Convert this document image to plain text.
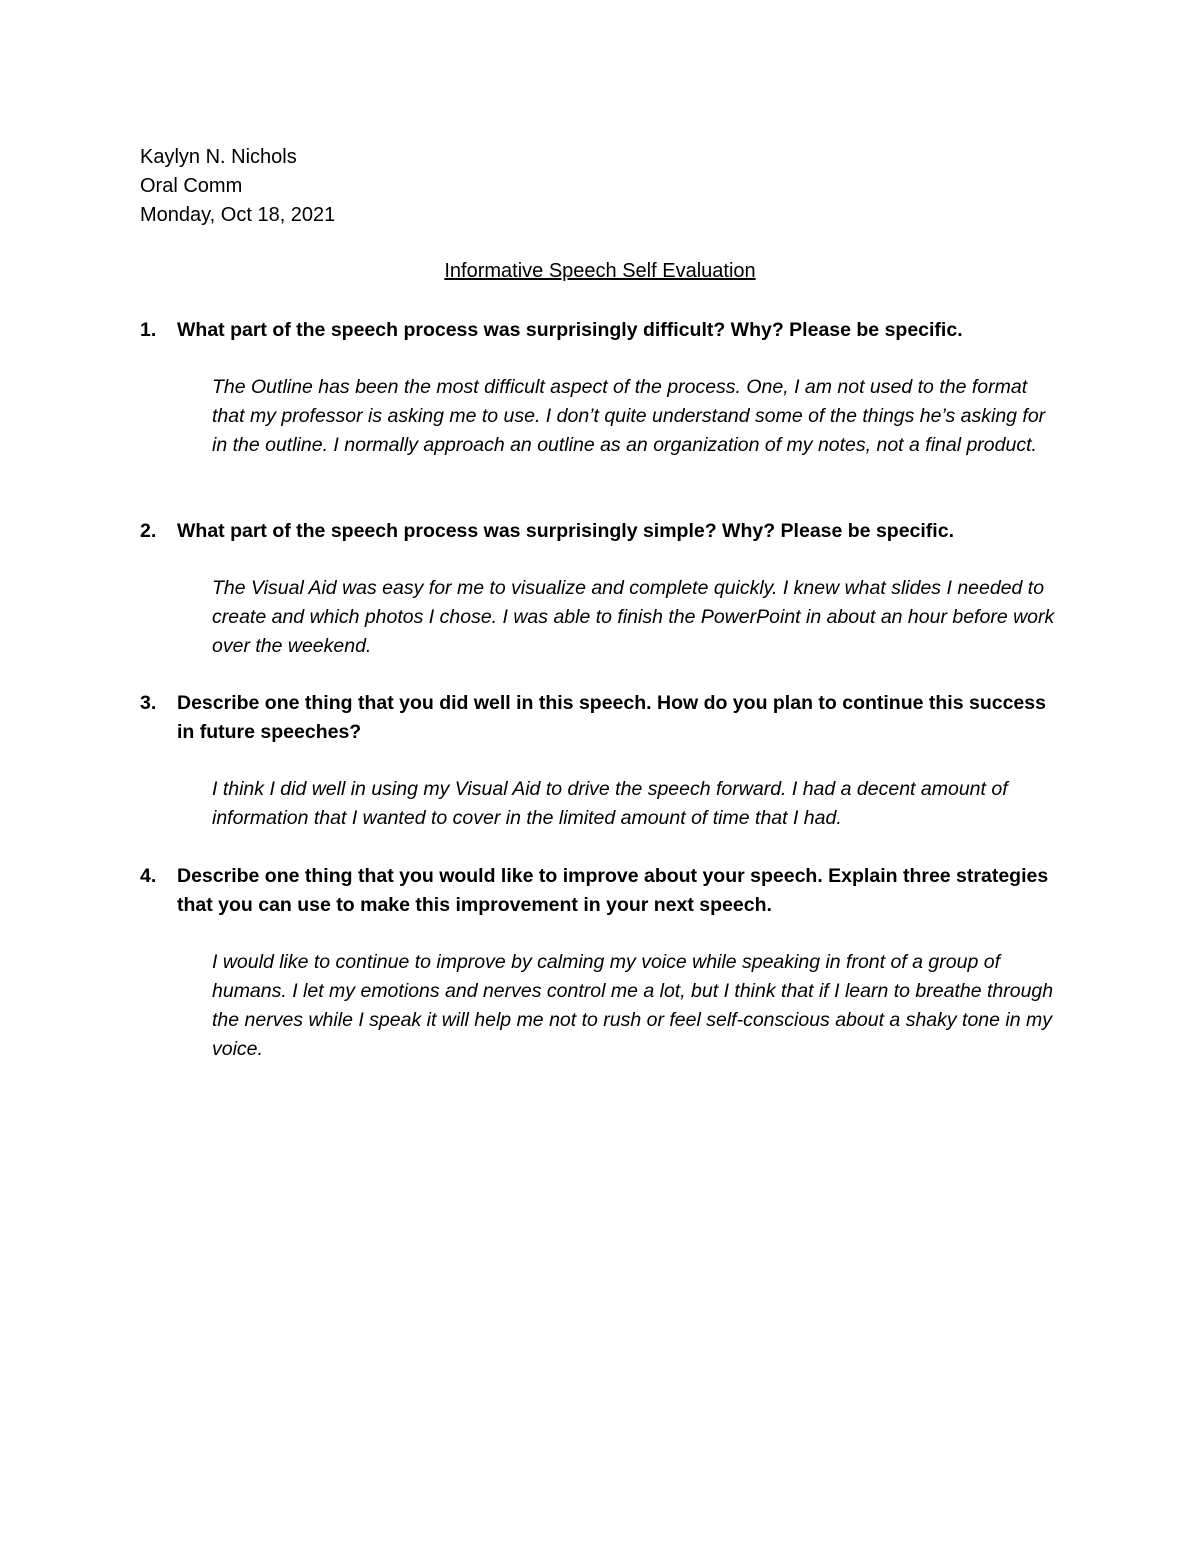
Kaylyn N. Nichols
Oral Comm
Monday, Oct 18, 2021
Informative Speech Self Evaluation
1. What part of the speech process was surprisingly difficult? Why? Please be specific.
The Outline has been the most difficult aspect of the process. One, I am not used to the format that my professor is asking me to use. I don’t quite understand some of the things he’s asking for in the outline. I normally approach an outline as an organization of my notes, not a final product.
2. What part of the speech process was surprisingly simple? Why? Please be specific.
The Visual Aid was easy for me to visualize and complete quickly. I knew what slides I needed to create and which photos I chose. I was able to finish the PowerPoint in about an hour before work over the weekend.
3. Describe one thing that you did well in this speech. How do you plan to continue this success in future speeches?
I think I did well in using my Visual Aid to drive the speech forward. I had a decent amount of information that I wanted to cover in the limited amount of time that I had.
4. Describe one thing that you would like to improve about your speech. Explain three strategies that you can use to make this improvement in your next speech.
I would like to continue to improve by calming my voice while speaking in front of a group of humans. I let my emotions and nerves control me a lot, but I think that if I learn to breathe through the nerves while I speak it will help me not to rush or feel self-conscious about a shaky tone in my voice.
